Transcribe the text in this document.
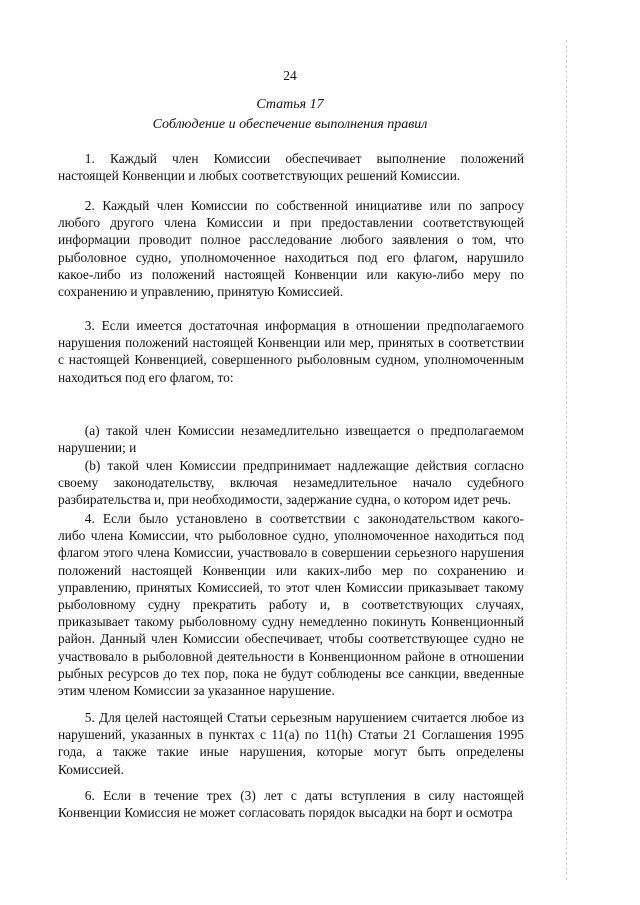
24
Статья 17
Соблюдение и обеспечение выполнения правил
  1. Каждый член Комиссии обеспечивает выполнение положений
настоящей Конвенции и любых соответствующих решений Комиссии.
  2. Каждый член Комиссии по собственной инициативе или по запросу
любого другого члена Комиссии и при предоставлении соответствующей
информации проводит полное расследование любого заявления о том, что
рыболовное судно, уполномоченное находиться под его флагом, нарушило
какое-либо из положений настоящей Конвенции или какую-либо меру по
сохранению и управлению, принятую Комиссией.
  3. Если имеется достаточная информация в отношении предполагаемого
нарушения положений настоящей Конвенции или мер, принятых в соответствии
с настоящей Конвенцией, совершенного рыболовным судном, уполномоченным
находиться под его флагом, то:
  (a) такой член Комиссии незамедлительно извещается о предполагаемом
нарушении; и
  (b) такой член Комиссии предпринимает надлежащие действия согласно
своему законодательству, включая незамедлительное начало судебного
разбирательства и, при необходимости, задержание судна, о котором идет речь.
  4. Если было установлено в соответствии с законодательством какого-
либо члена Комиссии, что рыболовное судно, уполномоченное находиться под
флагом этого члена Комиссии, участвовало в совершении серьезного нарушения
положений настоящей Конвенции или каких-либо мер по сохранению и
управлению, принятых Комиссией, то этот член Комиссии приказывает такому
рыболовному судну прекратить работу и, в соответствующих случаях,
приказывает такому рыболовному судну немедленно покинуть Конвенционный
район. Данный член Комиссии обеспечивает, чтобы соответствующее судно не
участвовало в рыболовной деятельности в Конвенционном районе в отношении
рыбных ресурсов до тех пор, пока не будут соблюдены все санкции, введенные
этим членом Комиссии за указанное нарушение.
  5. Для целей настоящей Статьи серьезным нарушением считается любое из
нарушений, указанных в пунктах с 11(a) по 11(h) Статьи 21 Соглашения 1995
года, а также такие иные нарушения, которые могут быть определены
Комиссией.
  6. Если в течение трех (3) лет с даты вступления в силу настоящей
Конвенции Комиссия не может согласовать порядок высадки на борт и осмотра
